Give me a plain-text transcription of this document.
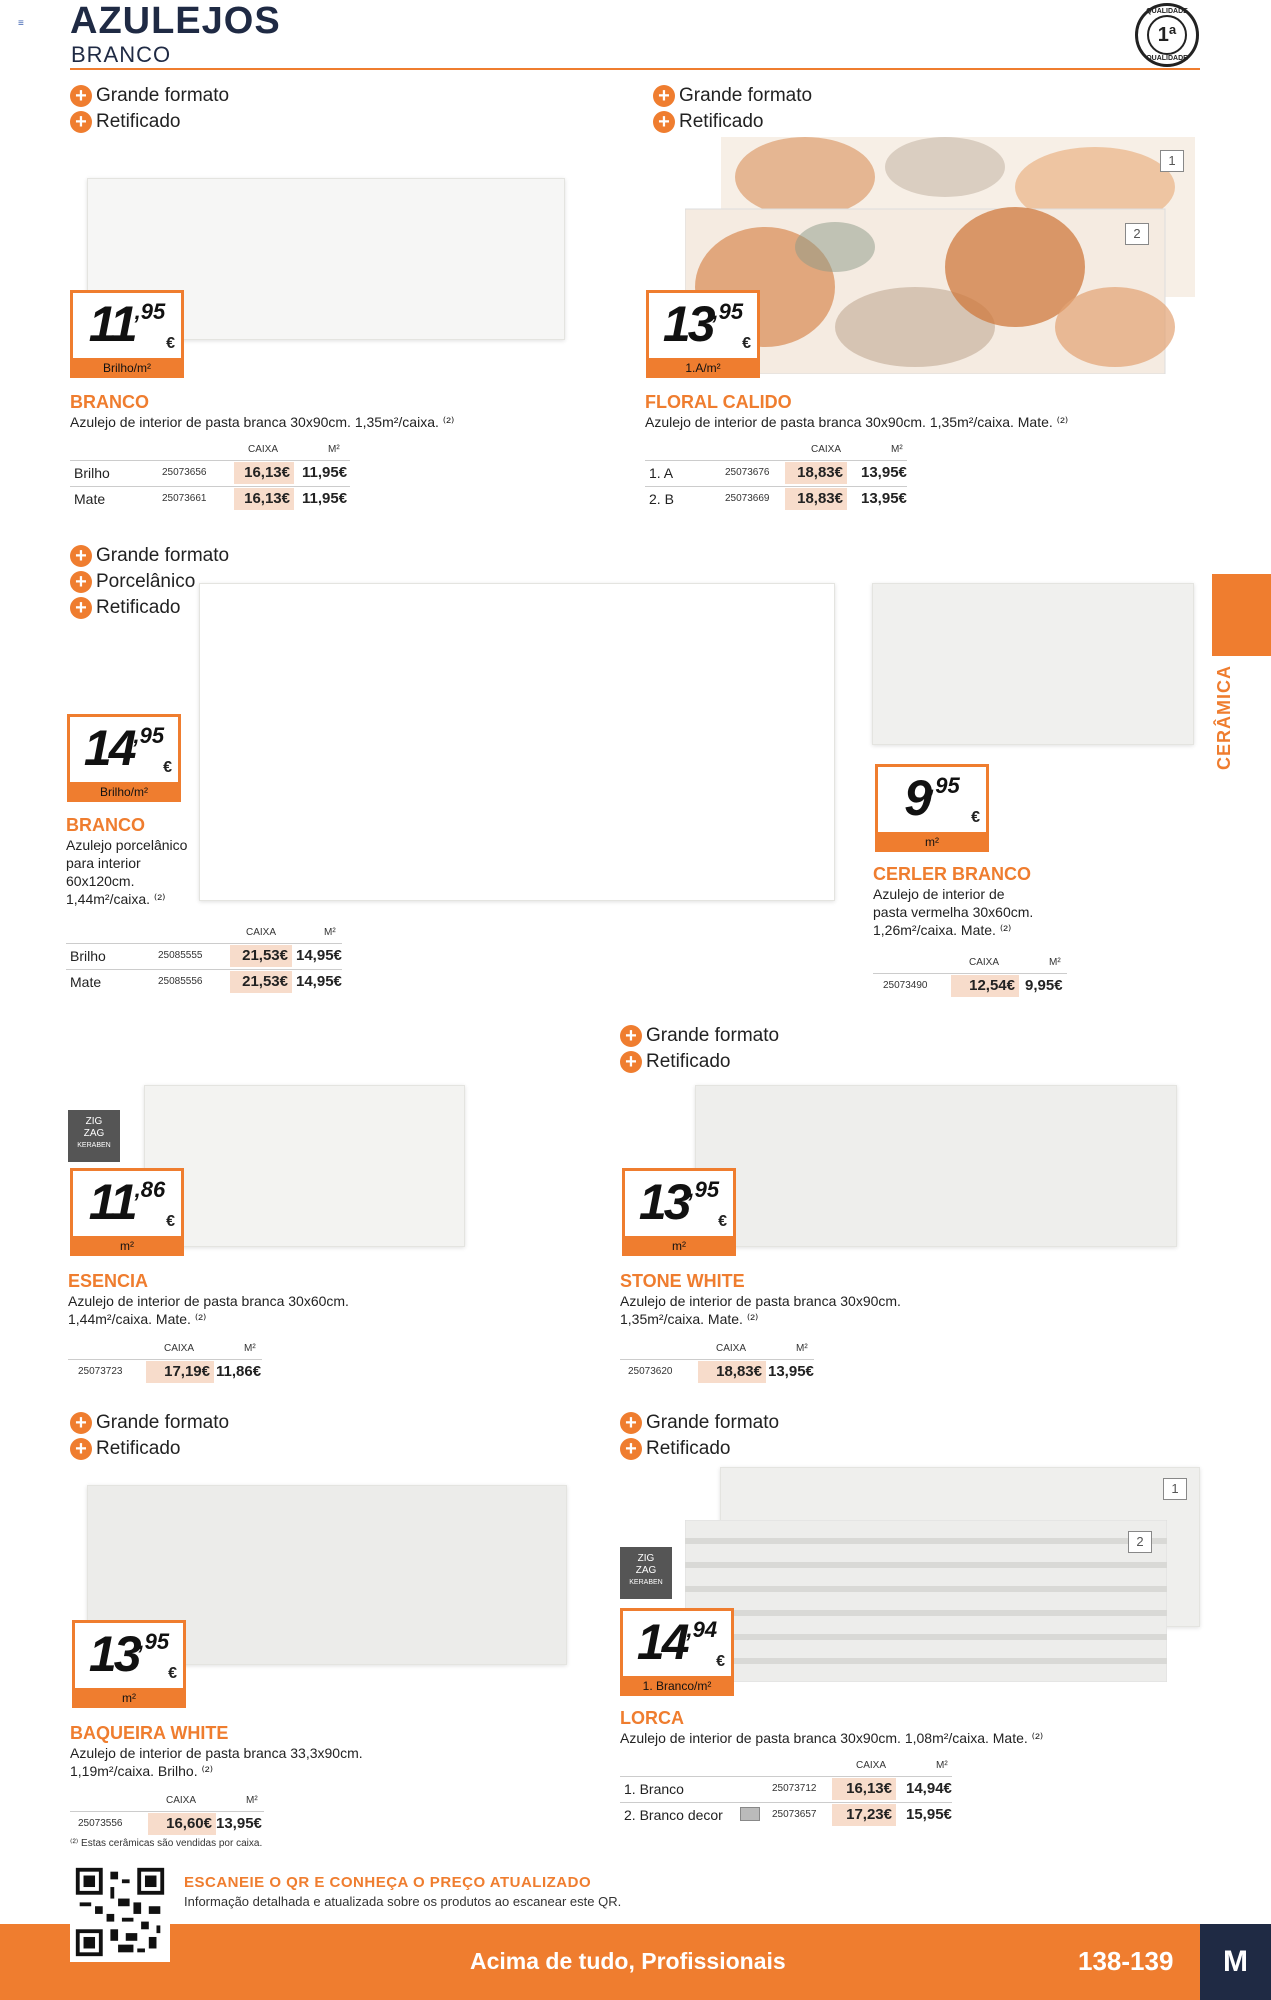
≡ AZULEJOS
BRANCO
QUALIDADE
1ª
QUALIDADE
CERÂMICA
+ Grande formato
+ Retificado
$11^{,95}$
€
Brilho/m²
BRANCO
Azulejo de interior de pasta branca 30x90cm. 1,35m²/caixa. ⁽²⁾
CAIXA	M²
Brilho	25073656	16,13€ 11,95€
Mate	25073661	16,13€ 11,95€
+ Grande formato
+ Retificado
1
2
$13^{,95}$
€
1.A/m²
FLORAL CALIDO
Azulejo de interior de pasta branca 30x90cm. 1,35m²/caixa. Mate. ⁽²⁾
CAIXA	M²
1. A	25073676	18,83€ 13,95€
2. B	25073669	18,83€ 13,95€
+ Grande formato
+ Porcelânico
+ Retificado
$14^{,95}$
€
Brilho/m²
BRANCO
Azulejo porcelânico
para interior
60x120cm.
1,44m²/caixa. ⁽²⁾
CAIXA	M²
Brilho	25085555	21,53€ 14,95€
Mate	25085556	21,53€ 14,95€
$9^{,95}$
€
m²
CERLER BRANCO
Azulejo de interior de
pasta vermelha 30x60cm.
1,26m²/caixa. Mate. ⁽²⁾
CAIXA	M²
25073490	12,54€ 9,95€
ZIG
ZAG
KERABEN
$11^{,86}$
€
m²
ESENCIA
Azulejo de interior de pasta branca 30x60cm.
1,44m²/caixa. Mate. ⁽²⁾
CAIXA	M²
25073723	17,19€ 11,86€
+ Grande formato
+ Retificado
$13^{,95}$
€
m²
STONE WHITE
Azulejo de interior de pasta branca 30x90cm.
1,35m²/caixa. Mate. ⁽²⁾
CAIXA	M²
25073620	18,83€ 13,95€
+ Grande formato
+ Retificado
$13^{,95}$
€
m²
BAQUEIRA WHITE
Azulejo de interior de pasta branca 33,3x90cm.
1,19m²/caixa. Brilho. ⁽²⁾
CAIXA	M²
25073556	16,60€ 13,95€
+ Grande formato
+ Retificado
1
2
ZIG
ZAG
KERABEN
$14^{,94}$
€
1. Branco/m²
LORCA
Azulejo de interior de pasta branca 30x90cm. 1,08m²/caixa. Mate. ⁽²⁾
CAIXA	M²
1. Branco	25073712	16,13€ 14,94€
2. Branco decor	25073657	17,23€ 15,95€
⁽²⁾ Estas cerâmicas são vendidas por caixa.
Acima de tudo, Profissionais	138-139	M
ESCANEIE O QR E CONHEÇA O PREÇO ATUALIZADO
Informação detalhada e atualizada sobre os produtos ao escanear este QR.
